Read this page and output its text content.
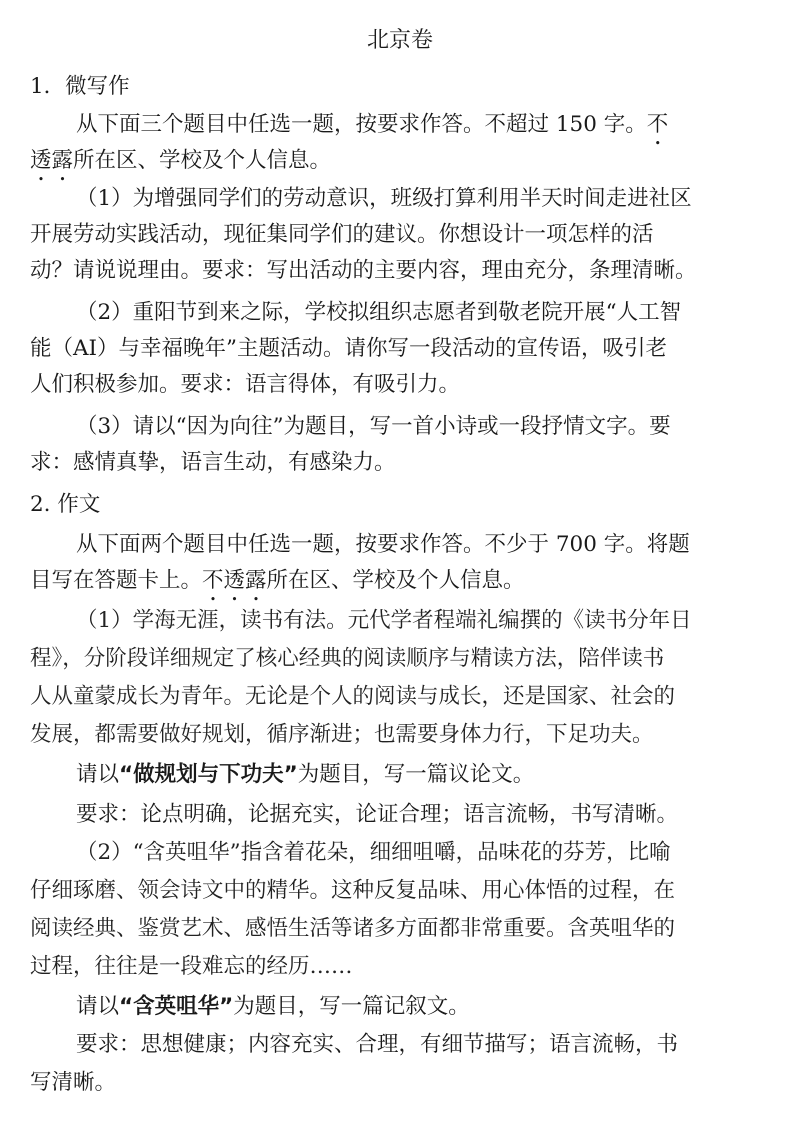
北京卷
1．微写作
从下面三个题目中任选一题，按要求作答。不超过 150 字。不
透露所在区、学校及个人信息。
（1）为增强同学们的劳动意识，班级打算利用半天时间走进社区
开展劳动实践活动，现征集同学们的建议。你想设计一项怎样的活
动？请说说理由。要求：写出活动的主要内容，理由充分，条理清晰。
（2）重阳节到来之际，学校拟组织志愿者到敬老院开展“人工智
能（AI）与幸福晚年”主题活动。请你写一段活动的宣传语，吸引老
人们积极参加。要求：语言得体，有吸引力。
（3）请以“因为向往”为题目，写一首小诗或一段抒情文字。要
求：感情真挚，语言生动，有感染力。
2. 作文
从下面两个题目中任选一题，按要求作答。不少于 700 字。将题
目写在答题卡上。不透露所在区、学校及个人信息。
（1）学海无涯，读书有法。元代学者程端礼编撰的《读书分年日
程》，分阶段详细规定了核心经典的阅读顺序与精读方法，陪伴读书
人从童蒙成长为青年。无论是个人的阅读与成长，还是国家、社会的
发展，都需要做好规划，循序渐进；也需要身体力行，下足功夫。
请以“做规划与下功夫”为题目，写一篇议论文。
要求：论点明确，论据充实，论证合理；语言流畅，书写清晰。
（2）“含英咀华”指含着花朵，细细咀嚼，品味花的芬芳，比喻
仔细琢磨、领会诗文中的精华。这种反复品味、用心体悟的过程，在
阅读经典、鉴赏艺术、感悟生活等诸多方面都非常重要。含英咀华的
过程，往往是一段难忘的经历……
请以“含英咀华”为题目，写一篇记叙文。
要求：思想健康；内容充实、合理，有细节描写；语言流畅，书
写清晰。
